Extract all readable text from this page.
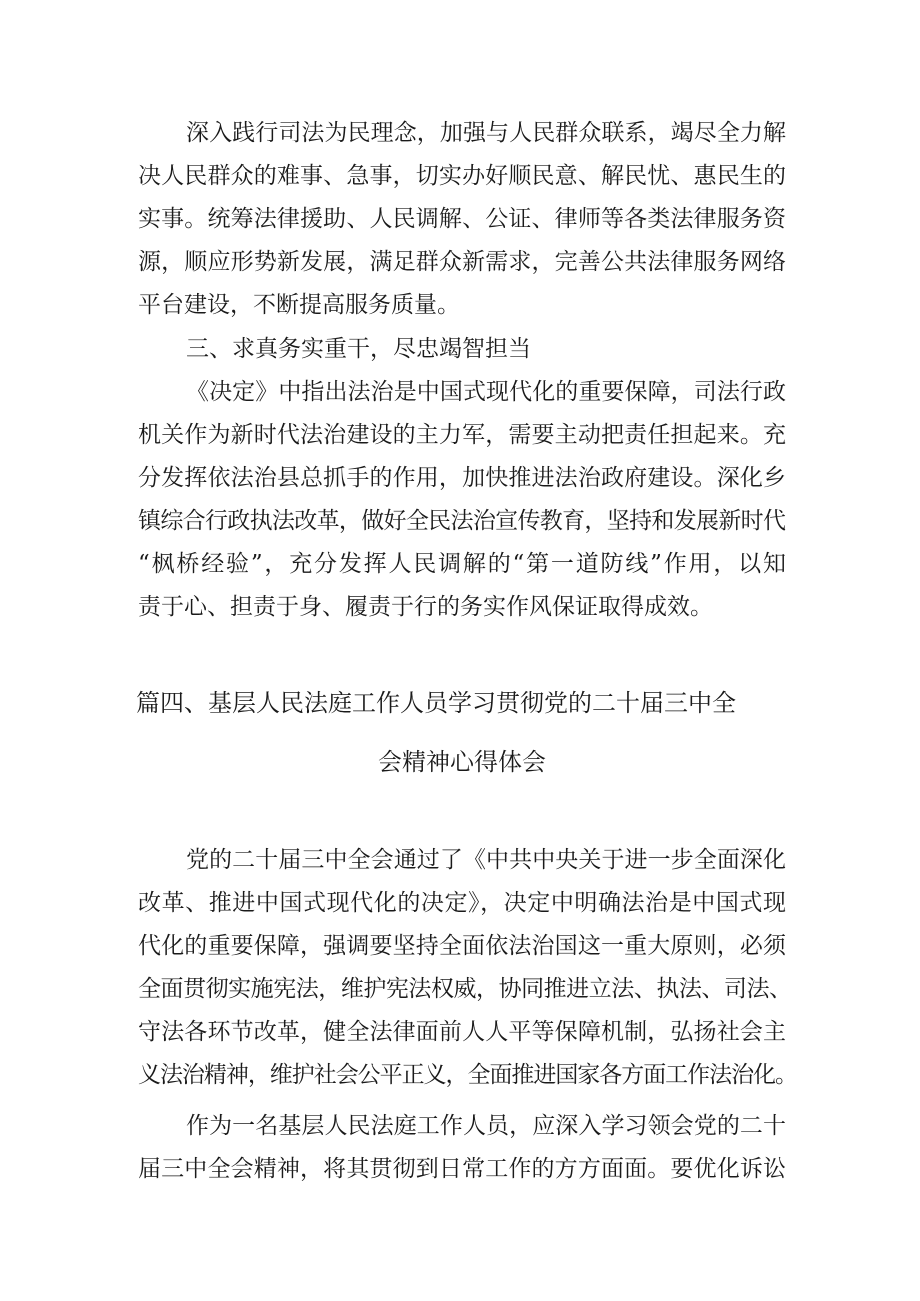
深入践行司法为民理念，加强与人民群众联系，竭尽全力解

决人民群众的难事、急事，切实办好顺民意、解民忧、惠民生的

实事。统筹法律援助、人民调解、公证、律师等各类法律服务资

源，顺应形势新发展，满足群众新需求，完善公共法律服务网络

平台建设，不断提高服务质量。

三、求真务实重干，尽忠竭智担当

《决定》中指出法治是中国式现代化的重要保障，司法行政

机关作为新时代法治建设的主力军，需要主动把责任担起来。充

分发挥依法治县总抓手的作用，加快推进法治政府建设。深化乡

镇综合行政执法改革，做好全民法治宣传教育，坚持和发展新时代

“枫桥经验”，充分发挥人民调解的“第一道防线”作用，以知

责于心、担责于身、履责于行的务实作风保证取得成效。

篇四、基层人民法庭工作人员学习贯彻党的二十届三中全

会精神心得体会

党的二十届三中全会通过了《中共中央关于进一步全面深化

改革、推进中国式现代化的决定》，决定中明确法治是中国式现

代化的重要保障，强调要坚持全面依法治国这一重大原则，必须

全面贯彻实施宪法，维护宪法权威，协同推进立法、执法、司法、

守法各环节改革，健全法律面前人人平等保障机制，弘扬社会主

义法治精神，维护社会公平正义，全面推进国家各方面工作法治化。

作为一名基层人民法庭工作人员，应深入学习领会党的二十

届三中全会精神，将其贯彻到日常工作的方方面面。要优化诉讼
